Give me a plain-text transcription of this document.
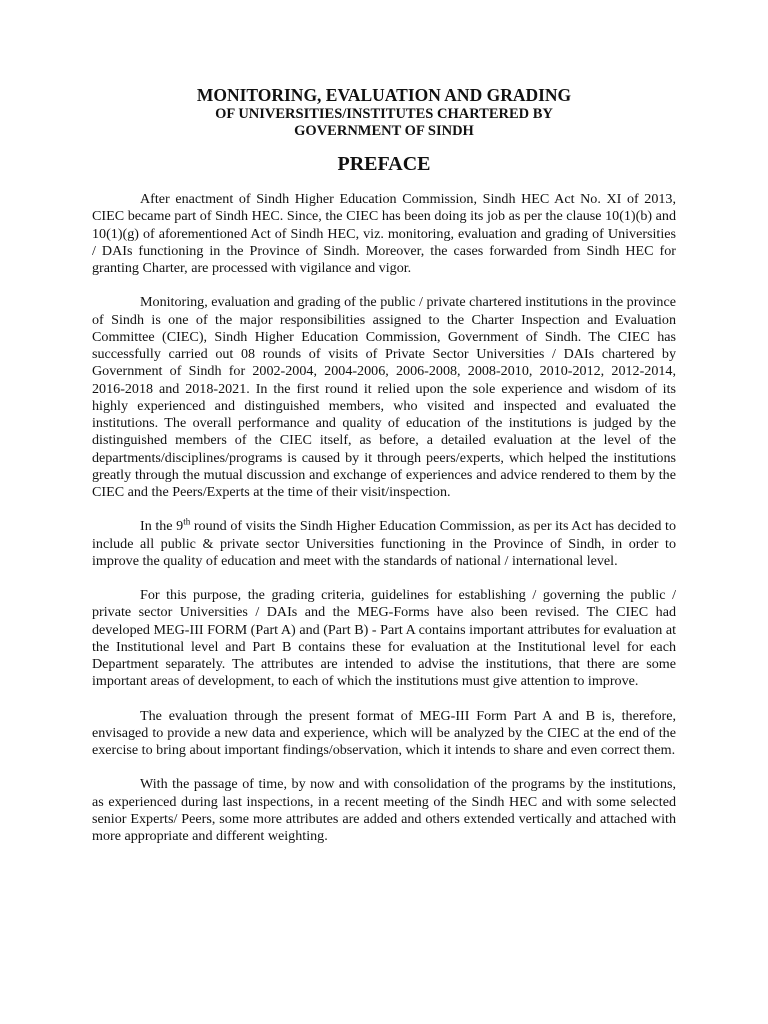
MONITORING, EVALUATION AND GRADING
OF UNIVERSITIES/INSTITUTES CHARTERED BY
GOVERNMENT OF SINDH
PREFACE

After enactment of Sindh Higher Education Commission, Sindh HEC Act No. XI of 2013, CIEC became part of Sindh HEC. Since, the CIEC has been doing its job as per the clause 10(1)(b) and 10(1)(g) of aforementioned Act of Sindh HEC, viz. monitoring, evaluation and grading of Universities / DAIs functioning in the Province of Sindh. Moreover, the cases forwarded from Sindh HEC for granting Charter, are processed with vigilance and vigor.

Monitoring, evaluation and grading of the public / private chartered institutions in the province of Sindh is one of the major responsibilities assigned to the Charter Inspection and Evaluation Committee (CIEC), Sindh Higher Education Commission, Government of Sindh. The CIEC has successfully carried out 08 rounds of visits of Private Sector Universities / DAIs chartered by Government of Sindh for 2002-2004, 2004-2006, 2006-2008, 2008-2010, 2010-2012, 2012-2014, 2016-2018 and 2018-2021. In the first round it relied upon the sole experience and wisdom of its highly experienced and distinguished members, who visited and inspected and evaluated the institutions. The overall performance and quality of education of the institutions is judged by the distinguished members of the CIEC itself, as before, a detailed evaluation at the level of the departments/disciplines/programs is caused by it through peers/experts, which helped the institutions greatly through the mutual discussion and exchange of experiences and advice rendered to them by the CIEC and the Peers/Experts at the time of their visit/inspection.

In the 9th round of visits the Sindh Higher Education Commission, as per its Act has decided to include all public & private sector Universities functioning in the Province of Sindh, in order to improve the quality of education and meet with the standards of national / international level.

For this purpose, the grading criteria, guidelines for establishing / governing the public / private sector Universities / DAIs and the MEG-Forms have also been revised. The CIEC had developed MEG-III FORM (Part A) and (Part B) - Part A contains important attributes for evaluation at the Institutional level and Part B contains these for evaluation at the Institutional level for each Department separately. The attributes are intended to advise the institutions, that there are some important areas of development, to each of which the institutions must give attention to improve.

The evaluation through the present format of MEG-III Form Part A and B is, therefore, envisaged to provide a new data and experience, which will be analyzed by the CIEC at the end of the exercise to bring about important findings/observation, which it intends to share and even correct them.

With the passage of time, by now and with consolidation of the programs by the institutions, as experienced during last inspections, in a recent meeting of the Sindh HEC and with some selected senior Experts/ Peers, some more attributes are added and others extended vertically and attached with more appropriate and different weighting.
